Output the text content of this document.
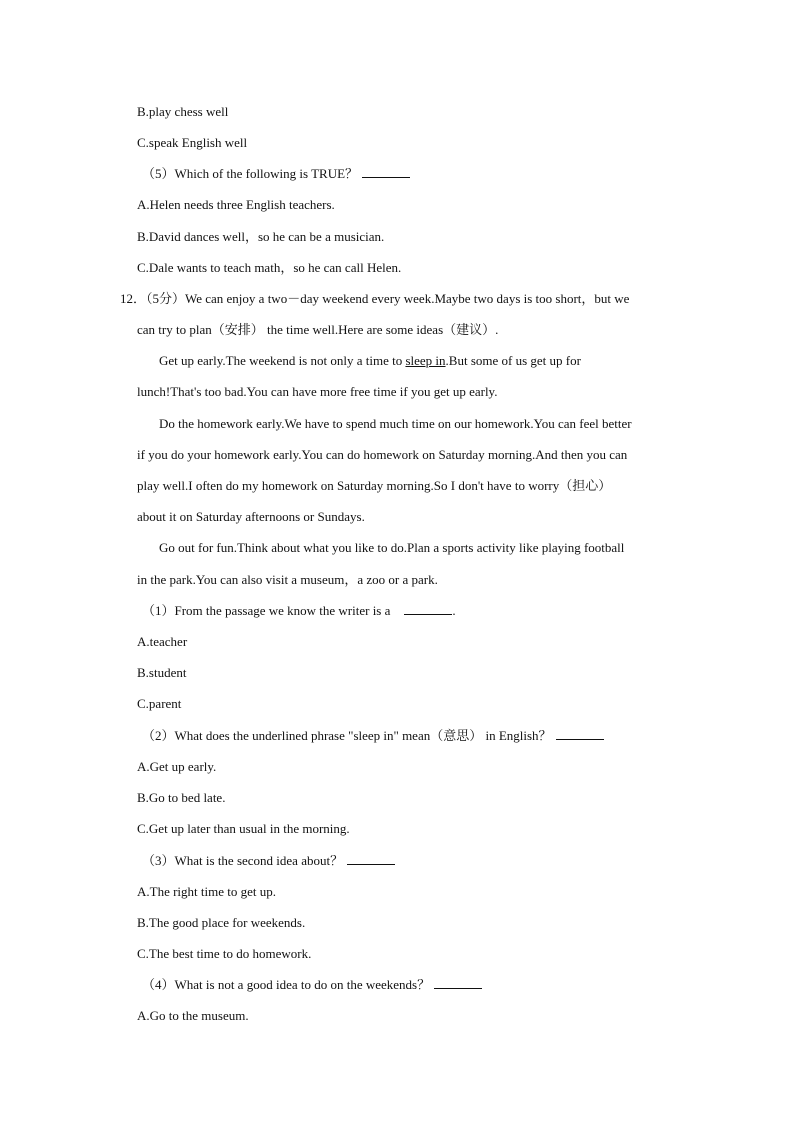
B.play chess well
C.speak English well
（5）Which of the following is TRUE？
A.Helen needs three English teachers.
B.David dances well，so he can be a musician.
C.Dale wants to teach math，so he can call Helen.
12．（5分）We can enjoy a two－day weekend every week.Maybe two days is too short，but we
can try to plan（安排） the time well.Here are some ideas（建议）.
Get up early.The weekend is not only a time to sleep in.But some of us get up for
lunch!That's too bad.You can have more free time if you get up early.
Do the homework early.We have to spend much time on our homework.You can feel better
if you do your homework early.You can do homework on Saturday morning.And then you can
play well.I often do my homework on Saturday morning.So I don't have to worry（担心）
about it on Saturday afternoons or Sundays.
Go out for fun.Think about what you like to do.Plan a sports activity like playing football
in the park.You can also visit a museum，a zoo or a park.
（1）From the passage we know the writer is a	.
A.teacher
B.student
C.parent
（2）What does the underlined phrase "sleep in" mean（意思） in English？
A.Get up early.
B.Go to bed late.
C.Get up later than usual in the morning.
（3）What is the second idea about？
A.The right time to get up.
B.The good place for weekends.
C.The best time to do homework.
（4）What is not a good idea to do on the weekends？
A.Go to the museum.
